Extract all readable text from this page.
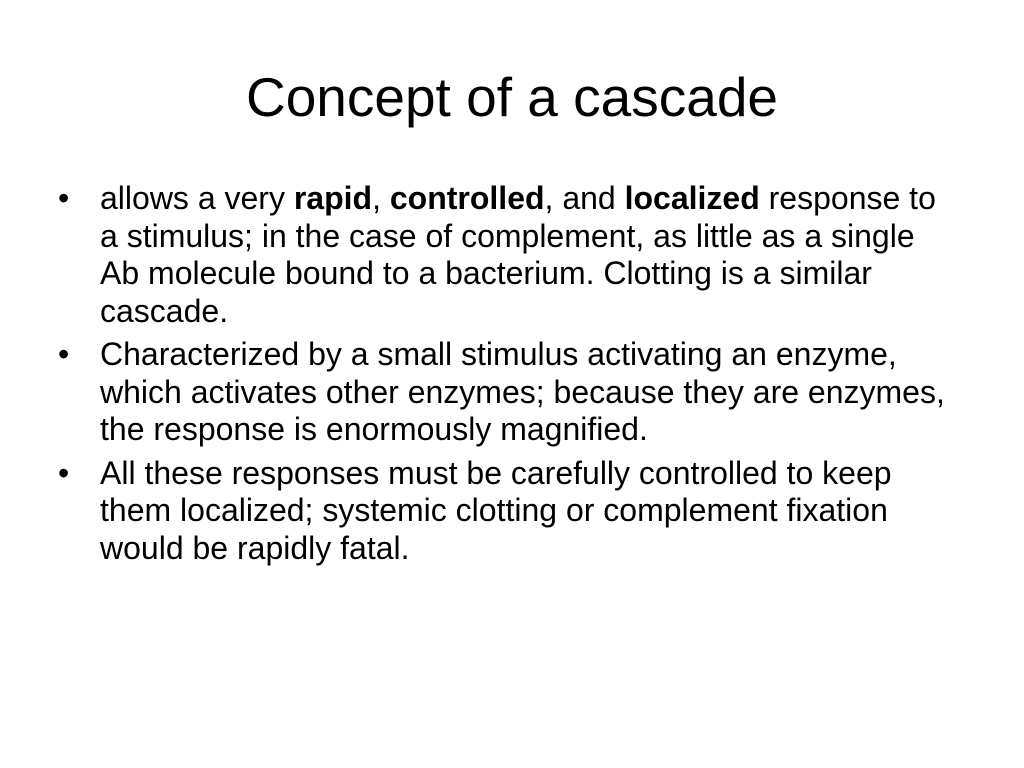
Concept of a cascade
• allows a very rapid, controlled, and localized response to a stimulus; in the case of complement, as little as a single Ab molecule bound to a bacterium. Clotting is a similar cascade.
• Characterized by a small stimulus activating an enzyme, which activates other enzymes; because they are enzymes, the response is enormously magnified.
• All these responses must be carefully controlled to keep them localized; systemic clotting or complement fixation would be rapidly fatal.
